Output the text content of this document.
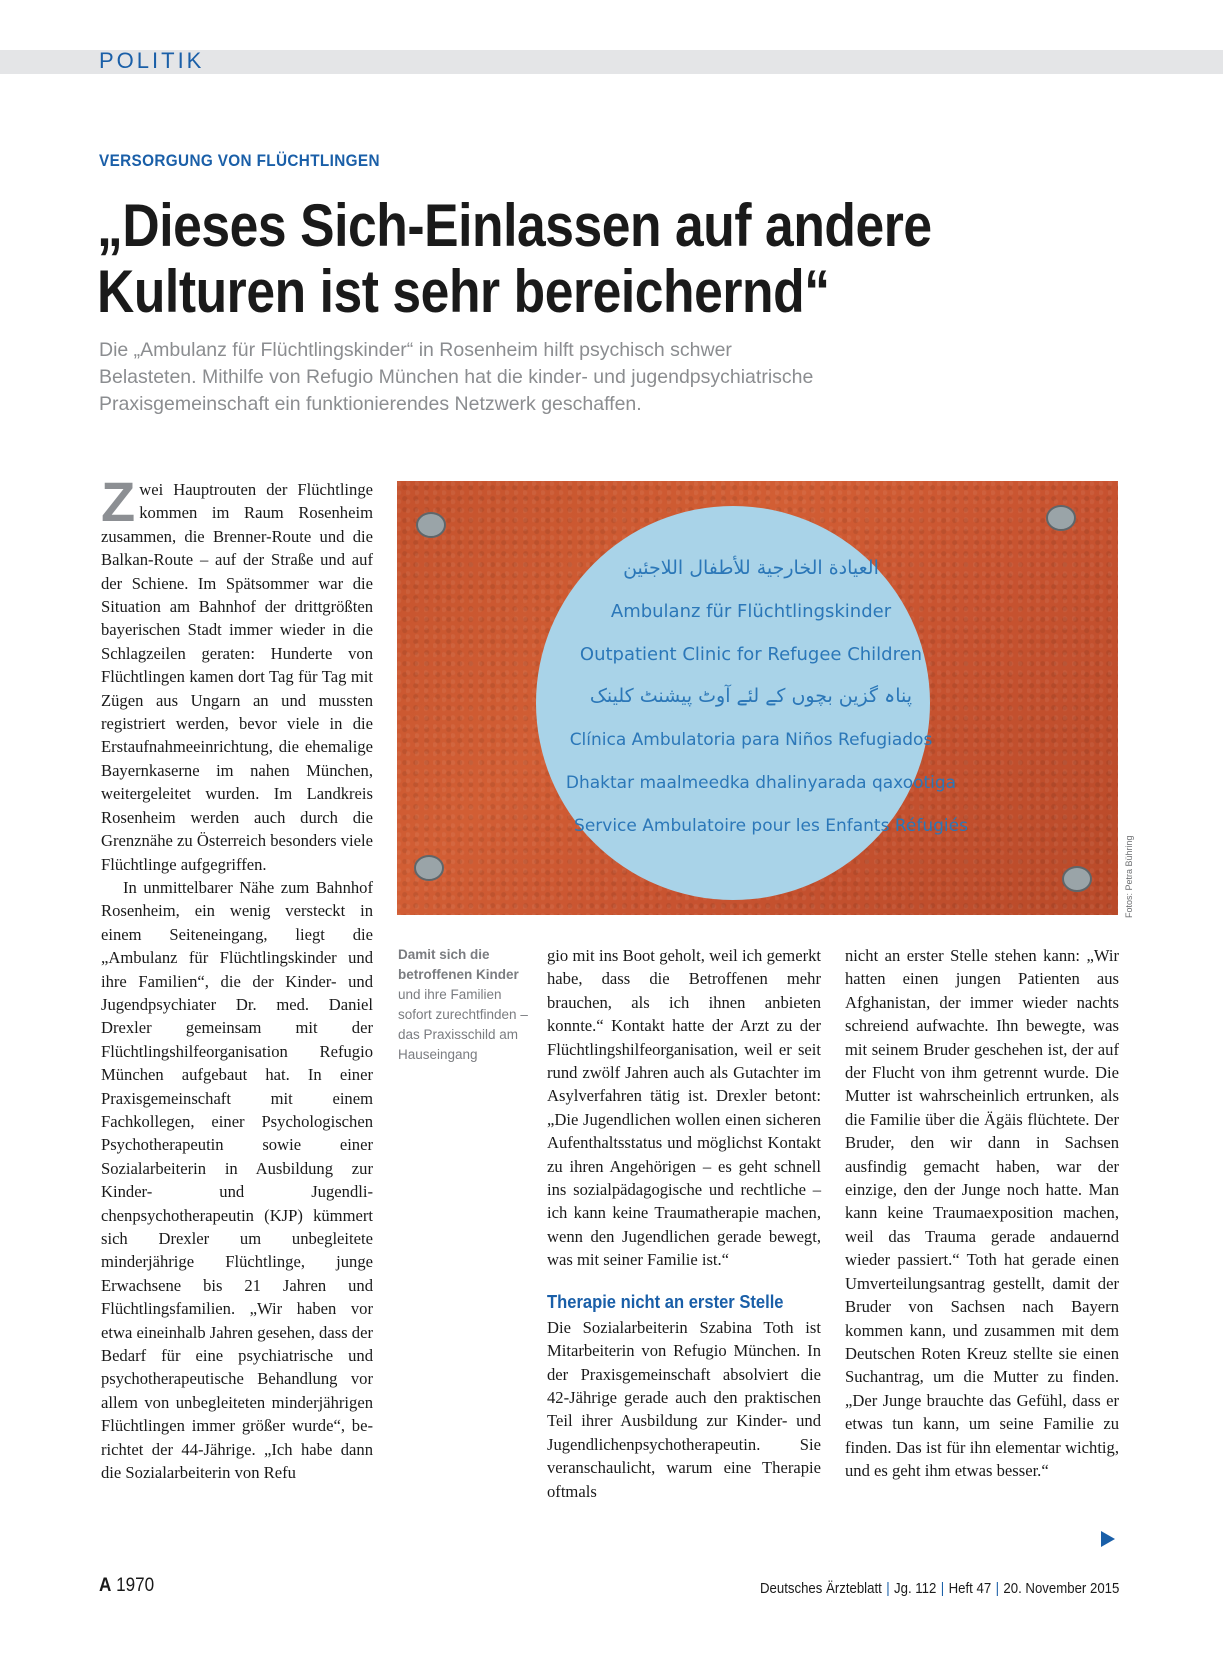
POLITIK
VERSORGUNG VON FLÜCHTLINGEN
„Dieses Sich-Einlassen auf andere
Kulturen ist sehr bereichernd“
Die „Ambulanz für Flüchtlingskinder“ in Rosenheim hilft psychisch schwer
Belasteten. Mithilfe von Refugio München hat die kinder- und jugendpsychiatrische
Praxisgemeinschaft ein funktionierendes Netzwerk geschaffen.

Zwei Hauptrouten der Flüchtlinge kommen im Raum Rosenheim zusammen, die Brenner-Route und die Balkan-Route – auf der Straße und auf der Schiene. Im Spätsommer war die Situation am Bahnhof der drittgrößten bayerischen Stadt immer wieder in die Schlagzeilen geraten: Hunderte von Flüchtlingen kamen dort Tag für Tag mit Zügen aus Ungarn an und mussten registriert werden, bevor viele in die Erstaufnahmeeinrichtung, die ehemalige Bayernkaserne im nahen München, weitergeleitet wurden. Im Landkreis Rosenheim werden auch durch die Grenznähe zu Österreich besonders viele Flüchtlinge aufgegriffen.

In unmittelbarer Nähe zum Bahnhof Rosenheim, ein wenig versteckt in einem Seiteneingang, liegt die „Ambulanz für Flüchtlingskinder und ihre Familien“, die der Kinder- und Jugendpsychiater Dr. med. Daniel Drexler gemeinsam mit der Flüchtlingshilfeorganisation Refugio München aufgebaut hat. In einer Praxisgemeinschaft mit einem Fachkollegen, einer Psychologischen Psychotherapeutin sowie einer Sozialarbeiterin in Ausbildung zur Kinder- und Jugendlichenpsychotherapeutin (KJP) kümmert sich Drexler um unbegleitete minderjährige Flüchtlinge, junge Erwachsene bis 21 Jahren und Flüchtlingsfamilien. „Wir haben vor etwa eineinhalb Jahren gesehen, dass der Bedarf für eine psychiatrische und psychotherapeutische Behandlung vor allem von unbegleiteten minderjährigen Flüchtlingen immer größer wurde“, berichtet der 44-Jährige. „Ich habe dann die Sozialarbeiterin von Refu

العيادة الخارجية للأطفال اللاجئين
Ambulanz für Flüchtlingskinder
Outpatient Clinic for Refugee Children
پناہ گزین بچوں کے لئے آوٹ پیشنٹ کلینک
Clínica Ambulatoria para Niños Refugiados
Dhaktar maalmeedka dhalinyarada qaxootiga
Service Ambulatoire pour les Enfants Réfugiés
Fotos: Petra Bühring
Damit sich die betroffenen Kinder und ihre Familien sofort zurechtfinden – das Praxisschild am Hauseingang

gio mit ins Boot geholt, weil ich gemerkt habe, dass die Betroffenen mehr brauchen, als ich ihnen anbieten konnte.“ Kontakt hatte der Arzt zu der Flüchtlingshilfeorganisation, weil er seit rund zwölf Jahren auch als Gutachter im Asylverfahren tätig ist. Drexler betont: „Die Jugendlichen wollen einen sicheren Aufenthaltsstatus und möglichst Kontakt zu ihren Angehörigen – es geht schnell ins sozialpädagogische und rechtliche – ich kann keine Traumatherapie machen, wenn den Jugendlichen gerade bewegt, was mit seiner Familie ist.“

Therapie nicht an erster Stelle

Die Sozialarbeiterin Szabina Toth ist Mitarbeiterin von Refugio München. In der Praxisgemeinschaft absolviert die 42-Jährige gerade auch den praktischen Teil ihrer Ausbildung zur Kinder- und Jugendlichenpsychotherapeutin. Sie veranschaulicht, warum eine Therapie oftmals

nicht an erster Stelle stehen kann: „Wir hatten einen jungen Patienten aus Afghanistan, der immer wieder nachts schreiend aufwachte. Ihn bewegte, was mit seinem Bruder geschehen ist, der auf der Flucht von ihm getrennt wurde. Die Mutter ist wahrscheinlich ertrunken, als die Familie über die Ägäis flüchtete. Der Bruder, den wir dann in Sachsen ausfindig gemacht haben, war der einzige, den der Junge noch hatte. Man kann keine Traumaexposition machen, weil das Trauma gerade andauernd wieder passiert.“ Toth hat gerade einen Umverteilungsantrag gestellt, damit der Bruder von Sachsen nach Bayern kommen kann, und zusammen mit dem Deutschen Roten Kreuz stellte sie einen Suchantrag, um die Mutter zu finden. „Der Junge brauchte das Gefühl, dass er etwas tun kann, um seine Familie zu finden. Das ist für ihn elementar wichtig, und es geht ihm etwas besser.“

A 1970	Deutsches Ärzteblatt | Jg. 112 | Heft 47 | 20. November 2015
